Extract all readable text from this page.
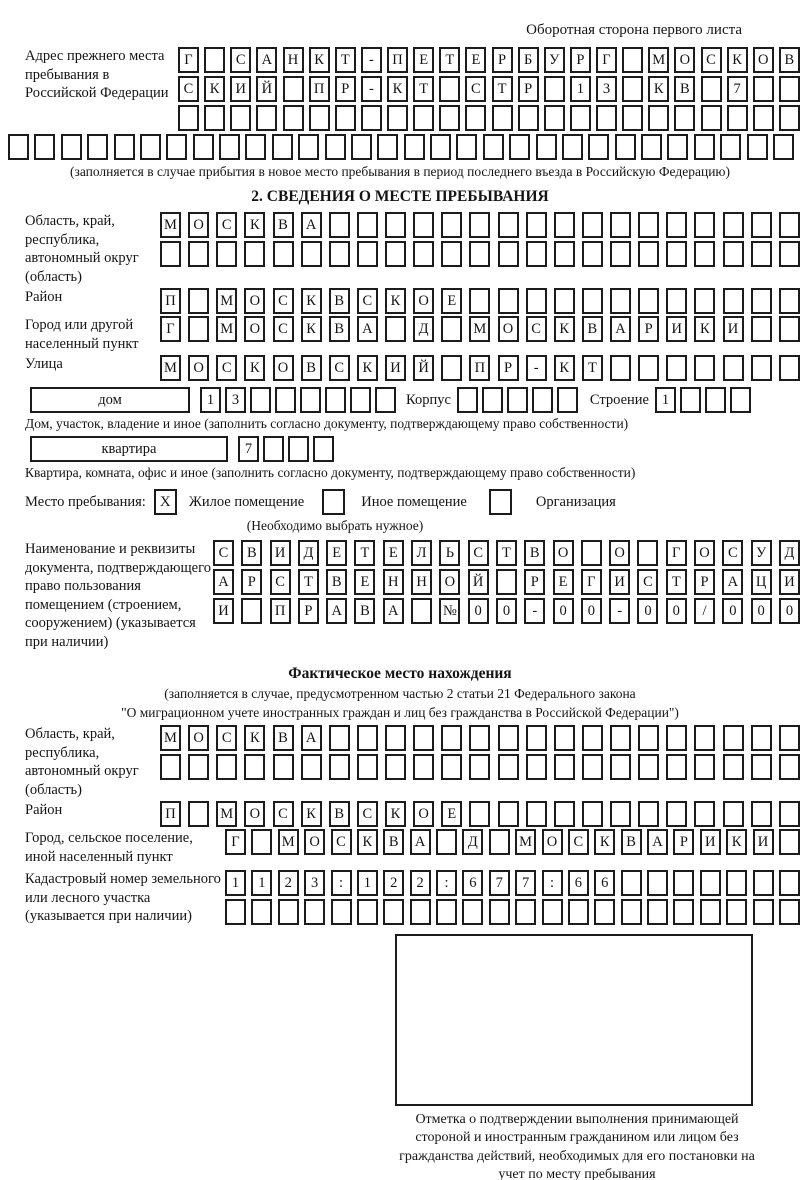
Оборотная сторона первого листа
Адрес прежнего места пребывания в Российской Федерации
Г	С	А	Н	К	Т	-	П	Е	Т	Е	Р	Б	У	Р	Г	М О	С	К	О	В
С	К	И	Й	П	Р	-	К	Т	С	Т	Р	1	3	К	В	7
(заполняется в случае прибытия в новое место пребывания в период последнего въезда в Российскую Федерацию)
2. СВЕДЕНИЯ О МЕСТЕ ПРЕБЫВАНИЯ
Область, край, республика, автономный округ (область)
М	О	С	К	В	А
Район	П	М	О	С	К	В	С	К	О	Е
Город или другой населенный пункт
Г	М	О	С	К	В	А	Д	М	О	С	К	В	А	Р	И	К	И
Улица	М	О	С	К	О	В	С	К	И	Й	П	Р	-	К	Т
дом	1	3	Корпус	Строение 1
Дом, участок, владение и иное (заполнить согласно документу, подтверждающему право собственности)
квартира	7
Квартира, комната, офис и иное (заполнить согласно документу, подтверждающему право собственности)
Место пребывания: X	Жилое помещение	Иное помещение	Организация
(Необходимо выбрать нужное)
Наименование и реквизиты документа, подтверждающего право пользования помещением (строением, сооружением) (указывается при наличии)
С	В	И	Д	Е	Т	Е	Л	Ь	С	Т	В	О	О	Г	О	С	У	Д
А	Р	С	Т	В	Е	Н	Н	О	Й	Р	Е	Г	И	С	Т	Р	А	Ц	И
И	П	Р	А	В	А	№	0	0	-	0	0	-	0	0	/	0	0	0
Фактическое место нахождения
(заполняется в случае, предусмотренном частью 2 статьи 21 Федерального закона
"О миграционном учете иностранных граждан и лиц без гражданства в Российской Федерации")
Область, край, республика, автономный округ (область)
М	О	С	К	В	А
Район	П	М	О	С	К	В	С	К	О	Е
Город, сельское поселение, иной населенный пункт
Г	М	О	С	К	В	А	Д	М	О	С	К	В	А	Р	И	К	И
Кадастровый номер земельного или лесного участка (указывается при наличии)
1	1	2	3	:	1	2	2	:	6	7	7	:	6	6
Отметка о подтверждении выполнения принимающей стороной и иностранным гражданином или лицом без гражданства действий, необходимых для его постановки на учет по месту пребывания
